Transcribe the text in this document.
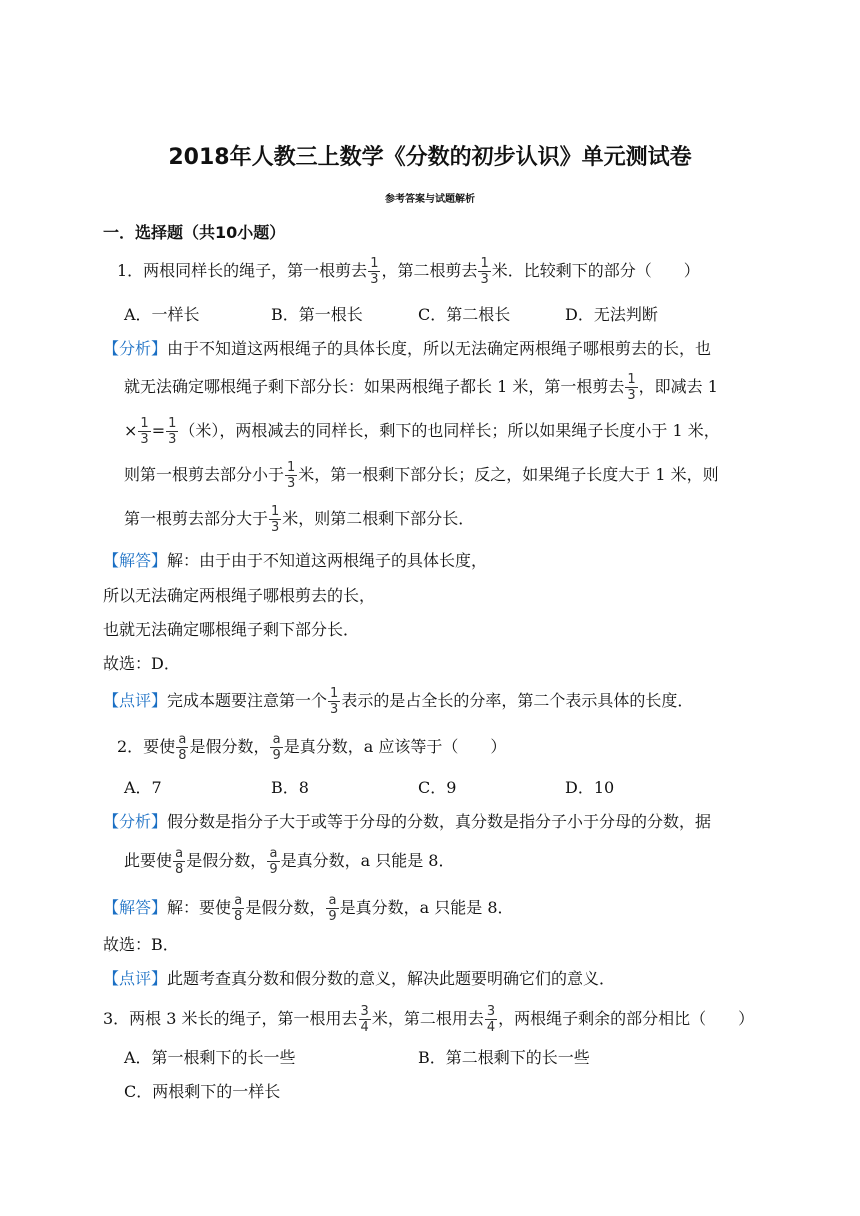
2018年人教三上数学《分数的初步认识》单元测试卷
参考答案与试题解析
一．选择题（共10小题）
1．两根同样长的绳子，第一根剪去 $\frac{1}{3}$ ，第二根剪去 $\frac{1}{3}$ 米．比较剩下的部分（　　）
A．一样长	B．第一根长	C．第二根长	D．无法判断
【分析】由于不知道这两根绳子的具体长度，所以无法确定两根绳子哪根剪去的长，也
就无法确定哪根绳子剩下部分长：如果两根绳子都长 1 米，第一根剪去 $\frac{1}{3}$ ，即减去 1
× $\frac{1}{3} = \frac{1}{3}$ （米），两根减去的同样长，剩下的也同样长；所以如果绳子长度小于 1 米，
则第一根剪去部分小于 $\frac{1}{3}$ 米，第一根剩下部分长；反之，如果绳子长度大于 1 米，则
第一根剪去部分大于 $\frac{1}{3}$ 米，则第二根剩下部分长．
【解答】解：由于由于不知道这两根绳子的具体长度，
所以无法确定两根绳子哪根剪去的长，
也就无法确定哪根绳子剩下部分长．
故选：D．
【点评】完成本题要注意第一个 $\frac{1}{3}$ 表示的是占全长的分率，第二个表示具体的长度．
2．要使 $\frac{a}{8}$ 是假分数， $\frac{a}{9}$ 是真分数，a 应该等于（　　）
A．7	B．8	C．9	D．10
【分析】假分数是指分子大于或等于分母的分数，真分数是指分子小于分母的分数，据
此要使 $\frac{a}{8}$ 是假分数， $\frac{a}{9}$ 是真分数，a 只能是 8．
【解答】解：要使 $\frac{a}{8}$ 是假分数， $\frac{a}{9}$ 是真分数，a 只能是 8．
故选：B．
【点评】此题考查真分数和假分数的意义，解决此题要明确它们的意义．
3．两根 3 米长的绳子，第一根用去 $\frac{3}{4}$ 米，第二根用去 $\frac{3}{4}$ ，两根绳子剩余的部分相比（　　）
A．第一根剩下的长一些	B．第二根剩下的长一些
C．两根剩下的一样长
